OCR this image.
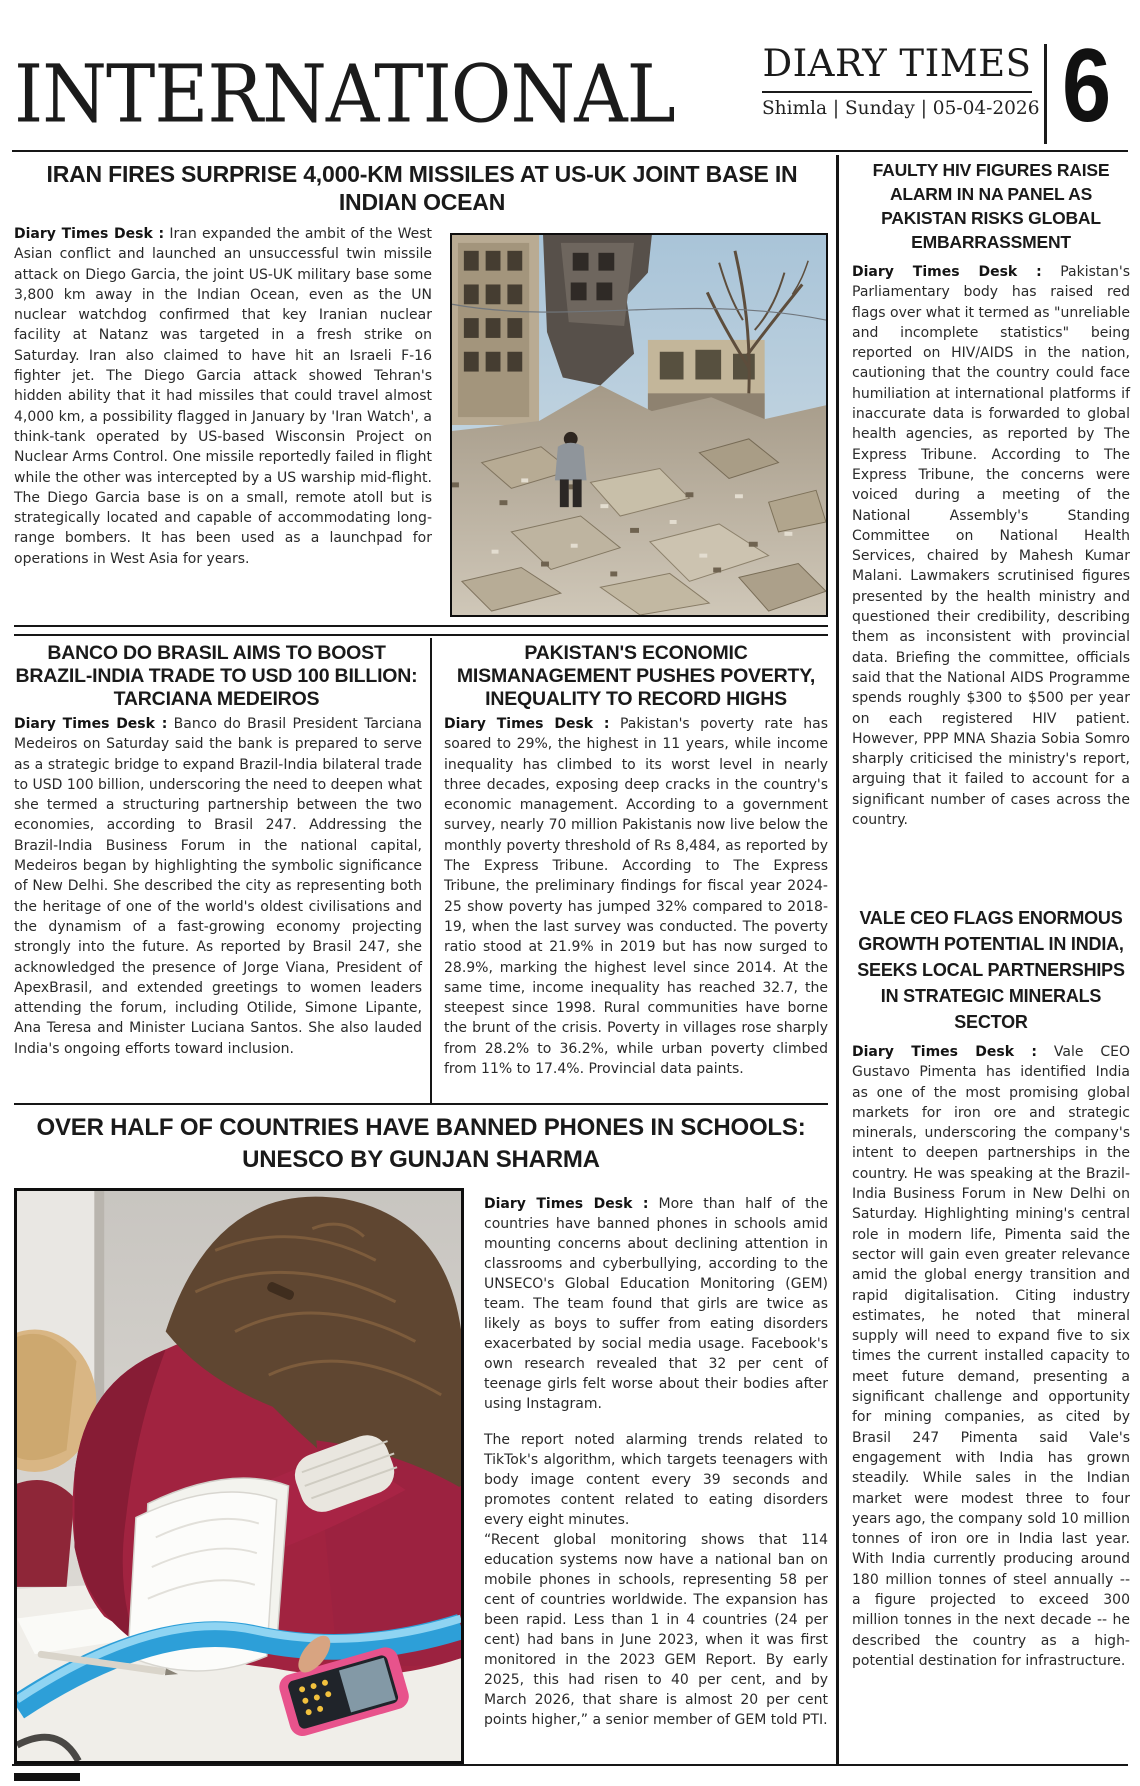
INTERNATIONAL DIARY TIMES
Shimla | Sunday | 05-04-2026 6
IRAN FIRES SURPRISE 4,000-KM MISSILES AT US-UK JOINT BASE IN INDIAN OCEAN

Diary Times Desk : Iran expanded the ambit of the West Asian conflict and launched an unsuccessful twin missile attack on Diego Garcia, the joint US-UK military base some 3,800 km away in the Indian Ocean, even as the UN nuclear watchdog confirmed that key Iranian nuclear facility at Natanz was targeted in a fresh strike on Saturday. Iran also claimed to have hit an Israeli F-16 fighter jet. The Diego Garcia attack showed Tehran's hidden ability that it had missiles that could travel almost 4,000 km, a possibility flagged in January by 'Iran Watch', a think-tank operated by US-based Wisconsin Project on Nuclear Arms Control. One missile reportedly failed in flight while the other was intercepted by a US warship mid-flight. The Diego Garcia base is on a small, remote atoll but is strategically located and capable of accommodating long-range bombers. It has been used as a launchpad for operations in West Asia for years.

BANCO DO BRASIL AIMS TO BOOST BRAZIL-INDIA TRADE TO USD 100 BILLION: TARCIANA MEDEIROS

Diary Times Desk : Banco do Brasil President Tarciana Medeiros on Saturday said the bank is prepared to serve as a strategic bridge to expand Brazil-India bilateral trade to USD 100 billion, underscoring the need to deepen what she termed a structuring partnership between the two economies, according to Brasil 247. Addressing the Brazil-India Business Forum in the national capital, Medeiros began by highlighting the symbolic significance of New Delhi. She described the city as representing both the heritage of one of the world's oldest civilisations and the dynamism of a fast-growing economy projecting strongly into the future. As reported by Brasil 247, she acknowledged the presence of Jorge Viana, President of ApexBrasil, and extended greetings to women leaders attending the forum, including Otilide, Simone Lipante, Ana Teresa and Minister Luciana Santos. She also lauded India's ongoing efforts toward inclusion.

PAKISTAN'S ECONOMIC MISMANAGEMENT PUSHES POVERTY, INEQUALITY TO RECORD HIGHS

Diary Times Desk : Pakistan's poverty rate has soared to 29%, the highest in 11 years, while income inequality has climbed to its worst level in nearly three decades, exposing deep cracks in the country's economic management. According to a government survey, nearly 70 million Pakistanis now live below the monthly poverty threshold of Rs 8,484, as reported by The Express Tribune. According to The Express Tribune, the preliminary findings for fiscal year 2024-25 show poverty has jumped 32% compared to 2018-19, when the last survey was conducted. The poverty ratio stood at 21.9% in 2019 but has now surged to 28.9%, marking the highest level since 2014. At the same time, income inequality has reached 32.7, the steepest since 1998. Rural communities have borne the brunt of the crisis. Poverty in villages rose sharply from 28.2% to 36.2%, while urban poverty climbed from 11% to 17.4%. Provincial data paints.

OVER HALF OF COUNTRIES HAVE BANNED PHONES IN SCHOOLS: UNESCO BY GUNJAN SHARMA

Diary Times Desk : More than half of the countries have banned phones in schools amid mounting concerns about declining attention in classrooms and cyberbullying, according to the UNSECO's Global Education Monitoring (GEM) team. The team found that girls are twice as likely as boys to suffer from eating disorders exacerbated by social media usage. Facebook's own research revealed that 32 per cent of teenage girls felt worse about their bodies after using Instagram.

The report noted alarming trends related to TikTok's algorithm, which targets teenagers with body image content every 39 seconds and promotes content related to eating disorders every eight minutes.

“Recent global monitoring shows that 114 education systems now have a national ban on mobile phones in schools, representing 58 per cent of countries worldwide. The expansion has been rapid. Less than 1 in 4 countries (24 per cent) had bans in June 2023, when it was first monitored in the 2023 GEM Report. By early 2025, this had risen to 40 per cent, and by March 2026, that share is almost 20 per cent points higher,” a senior member of GEM told PTI.

FAULTY HIV FIGURES RAISE ALARM IN NA PANEL AS PAKISTAN RISKS GLOBAL EMBARRASSMENT

Diary Times Desk : Pakistan's Parliamentary body has raised red flags over what it termed as "unreliable and incomplete statistics" being reported on HIV/AIDS in the nation, cautioning that the country could face humiliation at international platforms if inaccurate data is forwarded to global health agencies, as reported by The Express Tribune. According to The Express Tribune, the concerns were voiced during a meeting of the National Assembly's Standing Committee on National Health Services, chaired by Mahesh Kumar Malani. Lawmakers scrutinised figures presented by the health ministry and questioned their credibility, describing them as inconsistent with provincial data. Briefing the committee, officials said that the National AIDS Programme spends roughly $300 to $500 per year on each registered HIV patient. However, PPP MNA Shazia Sobia Somro sharply criticised the ministry's report, arguing that it failed to account for a significant number of cases across the country.

VALE CEO FLAGS ENORMOUS GROWTH POTENTIAL IN INDIA, SEEKS LOCAL PARTNERSHIPS IN STRATEGIC MINERALS SECTOR

Diary Times Desk : Vale CEO Gustavo Pimenta has identified India as one of the most promising global markets for iron ore and strategic minerals, underscoring the company's intent to deepen partnerships in the country. He was speaking at the Brazil-India Business Forum in New Delhi on Saturday. Highlighting mining's central role in modern life, Pimenta said the sector will gain even greater relevance amid the global energy transition and rapid digitalisation. Citing industry estimates, he noted that mineral supply will need to expand five to six times the current installed capacity to meet future demand, presenting a significant challenge and opportunity for mining companies, as cited by Brasil 247 Pimenta said Vale's engagement with India has grown steadily. While sales in the Indian market were modest three to four years ago, the company sold 10 million tonnes of iron ore in India last year. With India currently producing around 180 million tonnes of steel annually -- a figure projected to exceed 300 million tonnes in the next decade -- he described the country as a high-potential destination for infrastructure.
